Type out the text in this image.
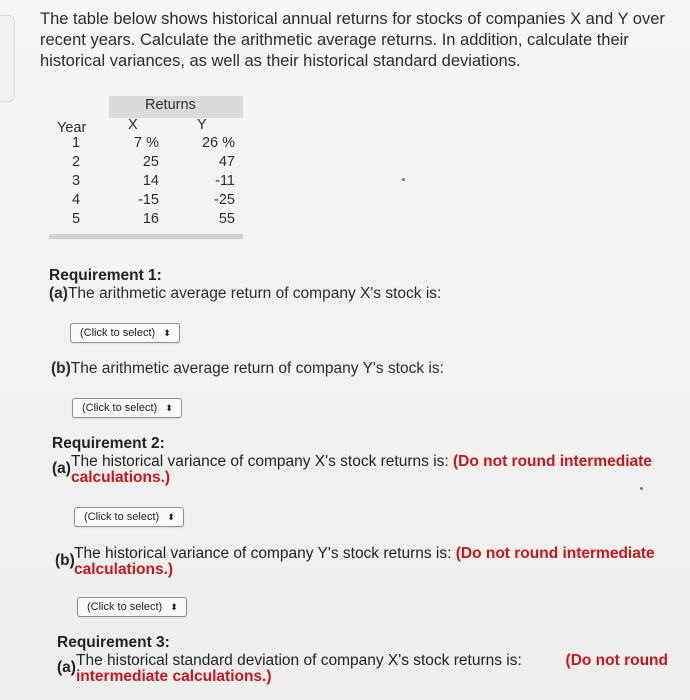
The table below shows historical annual returns for stocks of companies X and Y over recent years. Calculate the arithmetic average returns. In addition, calculate their historical variances, as well as their historical standard deviations.
Returns
Year	X	Y
1	7 %	26 %
2	25	47
3	14	-11
4	-15	-25
5	16	55
Requirement 1:
(a)The arithmetic average return of company X's stock is:
(Click to select) ⬍
(b)The arithmetic average return of company Y's stock is:
(Click to select) ⬍
Requirement 2:
(a) The historical variance of company X's stock returns is: (Do not round intermediate
calculations.)
(Click to select) ⬍
(b) The historical variance of company Y's stock returns is: (Do not round intermediate
calculations.)
(Click to select) ⬍
Requirement 3:
(a) The historical standard deviation of company X's stock returns is:	(Do not round
intermediate calculations.)
